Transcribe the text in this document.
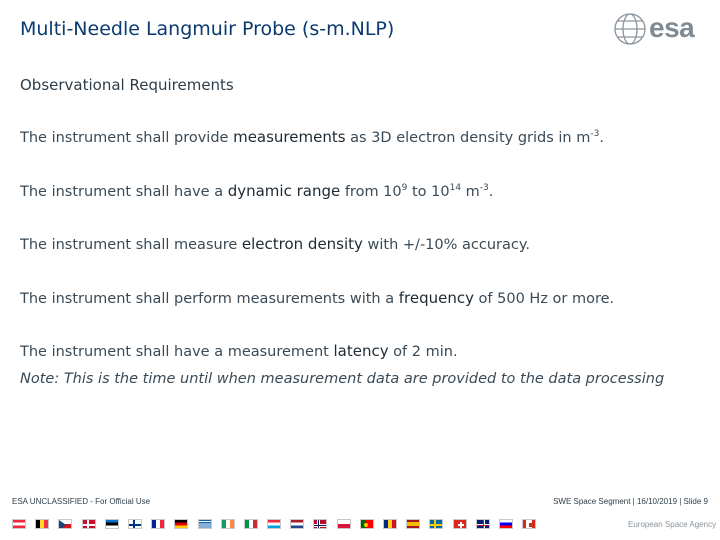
Multi-Needle Langmuir Probe (s-m.NLP)	esa
Observational Requirements
The instrument shall provide measurements as 3D electron density grids in $m^{-3}$.
The instrument shall have a dynamic range from $10^9$ to $10^{14}$ $m^{-3}$.
The instrument shall measure electron density with +/-10% accuracy.
The instrument shall perform measurements with a frequency of 500 Hz or more.
The instrument shall have a measurement latency of 2 min.
Note: This is the time until when measurement data are provided to the data processing
ESA UNCLASSIFIED - For Official Use	SWE Space Segment | 16/10/2019 | Slide 9
European Space Agency
